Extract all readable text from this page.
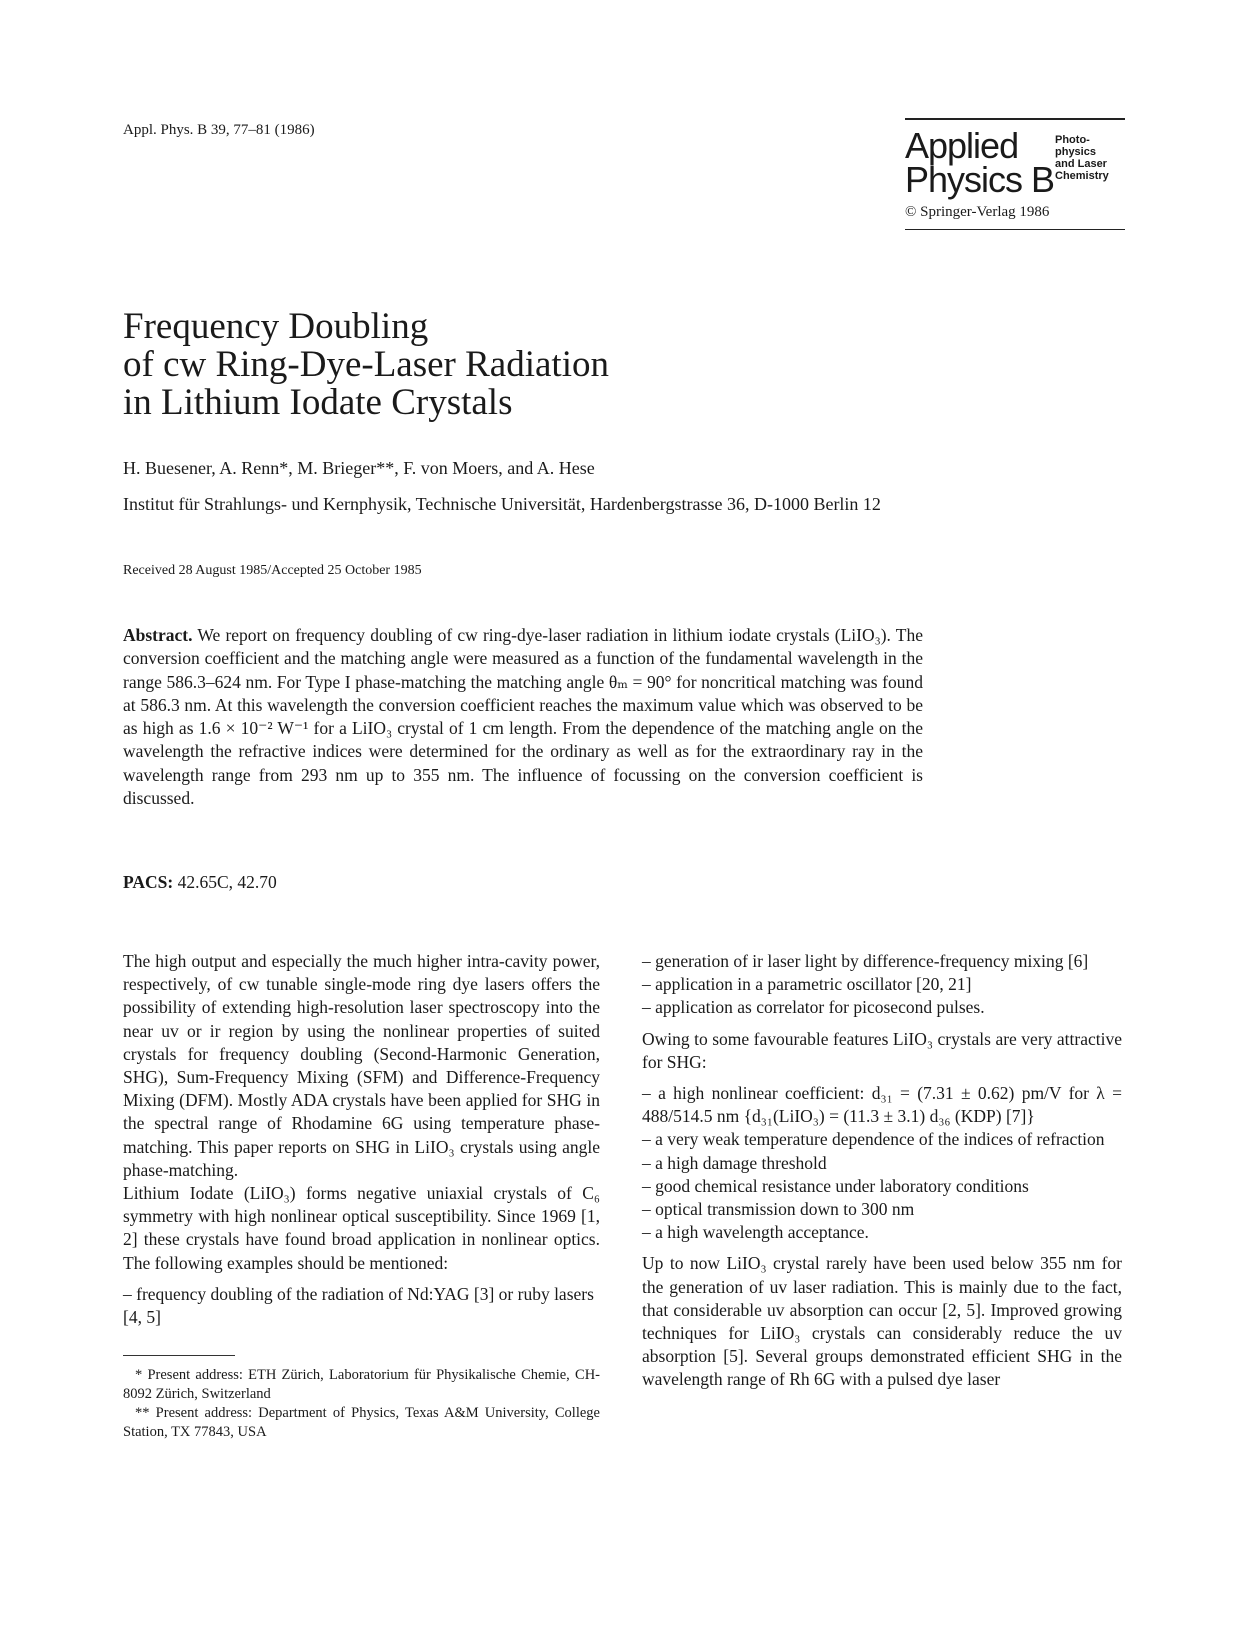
Appl. Phys. B 39, 77–81 (1986)	Applied
Physics B
Photo-
physics
and Laser
Chemistry
© Springer-Verlag 1986
Frequency Doubling
of cw Ring-Dye-Laser Radiation
in Lithium Iodate Crystals
H. Buesener, A. Renn*, M. Brieger**, F. von Moers, and A. Hese
Institut für Strahlungs- und Kernphysik, Technische Universität, Hardenbergstrasse 36, D-1000 Berlin 12
Received 28 August 1985/Accepted 25 October 1985
Abstract. We report on frequency doubling of cw ring-dye-laser radiation in lithium iodate crystals (LiIO₃). The conversion coefficient and the matching angle were measured as a function of the fundamental wavelength in the range 586.3–624 nm. For Type I phase-matching the matching angle θₘ = 90° for noncritical matching was found at 586.3 nm. At this wavelength the conversion coefficient reaches the maximum value which was observed to be as high as 1.6 × 10⁻² W⁻¹ for a LiIO₃ crystal of 1 cm length. From the dependence of the matching angle on the wavelength the refractive indices were determined for the ordinary as well as for the extraordinary ray in the wavelength range from 293 nm up to 355 nm. The influence of focussing on the conversion coefficient is discussed.
PACS: 42.65C, 42.70

The high output and especially the much higher intra-cavity power, respectively, of cw tunable single-mode ring dye lasers offers the possibility of extending high-resolution laser spectroscopy into the near uv or ir region by using the nonlinear properties of suited crystals for frequency doubling (Second-Harmonic Generation, SHG), Sum-Frequency Mixing (SFM) and Difference-Frequency Mixing (DFM). Mostly ADA crystals have been applied for SHG in the spectral range of Rhodamine 6G using temperature phase-matching. This paper reports on SHG in LiIO₃ crystals using angle phase-matching.

Lithium Iodate (LiIO₃) forms negative uniaxial crystals of C₆ symmetry with high nonlinear optical susceptibility. Since 1969 [1, 2] these crystals have found broad application in nonlinear optics. The following examples should be mentioned:

– frequency doubling of the radiation of Nd:YAG [3] or ruby lasers [4, 5]

* Present address: ETH Zürich, Laboratorium für Physikalische Chemie, CH-8092 Zürich, Switzerland

** Present address: Department of Physics, Texas A&M University, College Station, TX 77843, USA

– generation of ir laser light by difference-frequency mixing [6]

– application in a parametric oscillator [20, 21]

– application as correlator for picosecond pulses.

Owing to some favourable features LiIO₃ crystals are very attractive for SHG:

– a high nonlinear coefficient: d₃₁ = (7.31 ± 0.62) pm/V for λ = 488/514.5 nm {d₃₁(LiIO₃) = (11.3 ± 3.1) d₃₆ (KDP) [7]}

– a very weak temperature dependence of the indices of refraction

– a high damage threshold

– good chemical resistance under laboratory conditions

– optical transmission down to 300 nm

– a high wavelength acceptance.

Up to now LiIO₃ crystal rarely have been used below 355 nm for the generation of uv laser radiation. This is mainly due to the fact, that considerable uv absorption can occur [2, 5]. Improved growing techniques for LiIO₃ crystals can considerably reduce the uv absorption [5]. Several groups demonstrated efficient SHG in the wavelength range of Rh 6G with a pulsed dye laser
